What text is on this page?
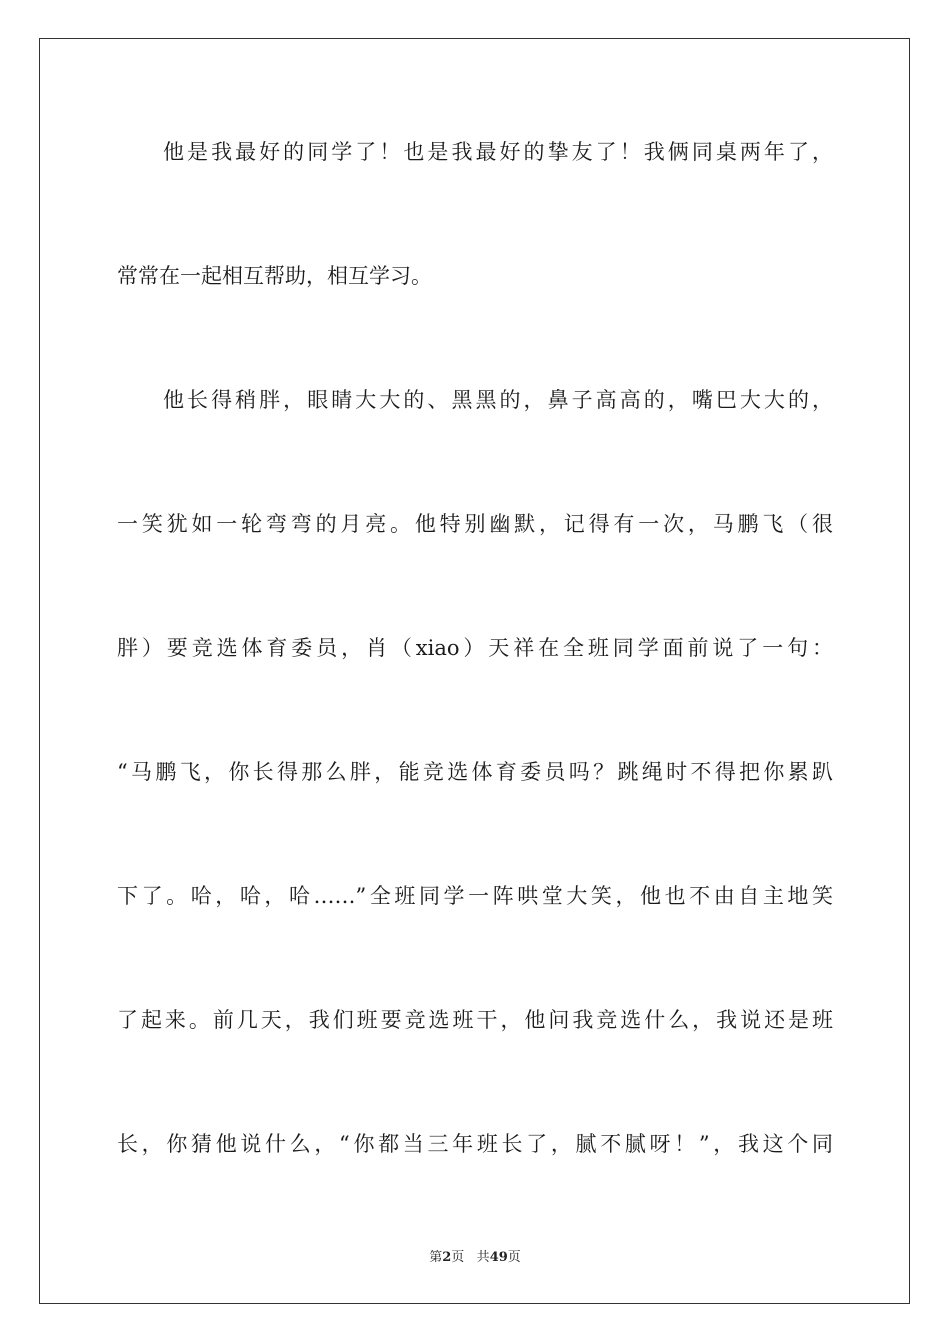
他是我最好的同学了！也是我最好的挚友了！我俩同桌两年了，
常常在一起相互帮助，相互学习。
他长得稍胖，眼睛大大的、黑黑的，鼻子高高的，嘴巴大大的，
一笑犹如一轮弯弯的月亮。他特别幽默，记得有一次，马鹏飞（很
胖）要竞选体育委员，肖（xiao）天祥在全班同学面前说了一句：
“马鹏飞，你长得那么胖，能竞选体育委员吗？跳绳时不得把你累趴
下了。哈，哈，哈……”全班同学一阵哄堂大笑，他也不由自主地笑
了起来。前几天，我们班要竞选班干，他问我竞选什么，我说还是班
长，你猜他说什么，“你都当三年班长了，腻不腻呀！”，我这个同
第2页 共49页
